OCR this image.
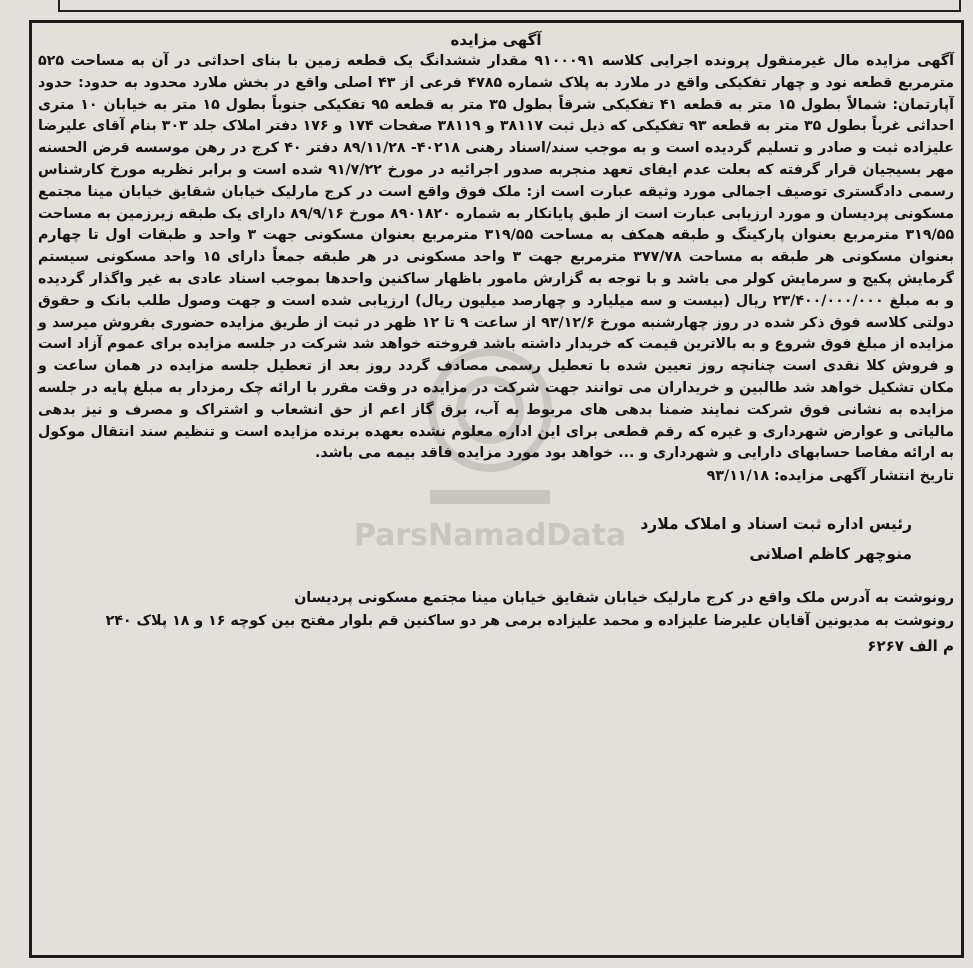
ParsNamadData
آگهی مزایده

آگهی مزایده مال غیرمنقول پرونده اجرایی کلاسه ۹۱۰۰۰۹۱ مقدار ششدانگ یک قطعه زمین با بنای احداثی در آن به مساحت ۵۲۵ مترمربع قطعه نود و چهار تفکیکی واقع در ملارد به پلاک شماره ۴۷۸۵ فرعی از ۴۳ اصلی واقع در بخش ملارد محدود به حدود: حدود آپارتمان: شمالاً بطول ۱۵ متر به قطعه ۴۱ تفکیکی شرقاً بطول ۳۵ متر به قطعه ۹۵ تفکیکی جنوباً بطول ۱۵ متر به خیابان ۱۰ متری احداثی غرباً بطول ۳۵ متر به قطعه ۹۳ تفکیکی که ذیل ثبت ۳۸۱۱۷ و ۳۸۱۱۹ صفحات ۱۷۴ و ۱۷۶ دفتر املاک جلد ۳۰۳ بنام آقای علیرضا علیزاده ثبت و صادر و تسلیم گردیده است و به موجب سند/اسناد رهنی ۴۰۲۱۸- ۸۹/۱۱/۲۸ دفتر ۴۰ کرج در رهن موسسه قرض الحسنه مهر بسیجیان قرار گرفته که بعلت عدم ایفای تعهد منجربه صدور اجرائیه در مورخ ۹۱/۷/۲۲ شده است و برابر نظریه مورخ کارشناس رسمی دادگستری توصیف اجمالی مورد وثیقه عبارت است از: ملک فوق واقع است در کرج مارلیک خیابان شقایق خیابان مینا مجتمع مسکونی پردیسان و مورد ارزیابی عبارت است از طبق پایانکار به شماره ۸۹۰۱۸۲۰ مورخ ۸۹/۹/۱۶ دارای یک طبقه زیرزمین به مساحت ۳۱۹/۵۵ مترمربع بعنوان پارکینگ و طبقه همکف به مساحت ۳۱۹/۵۵ مترمربع بعنوان مسکونی جهت ۳ واحد و طبقات اول تا چهارم بعنوان مسکونی هر طبقه به مساحت ۳۷۷/۷۸ مترمربع جهت ۳ واحد مسکونی در هر طبقه جمعاً دارای ۱۵ واحد مسکونی سیستم گرمایش پکیج و سرمایش کولر می باشد و با توجه به گزارش مامور باظهار ساکنین واحدها بموجب اسناد عادی به غیر واگذار گردیده و به مبلغ ۲۳/۴۰۰/۰۰۰/۰۰۰ ریال (بیست و سه میلیارد و چهارصد میلیون ریال) ارزیابی شده است و جهت وصول طلب بانک و حقوق دولتی کلاسه فوق ذکر شده در روز چهارشنبه مورخ ۹۳/۱۲/۶ از ساعت ۹ تا ۱۲ ظهر در ثبت از طریق مزایده حضوری بفروش میرسد و مزایده از مبلغ فوق شروع و به بالاترین قیمت که خریدار داشته باشد فروخته خواهد شد شرکت در جلسه مزایده برای عموم آزاد است و فروش کلا نقدی است چنانچه روز تعیین شده با تعطیل رسمی مصادف گردد روز بعد از تعطیل جلسه مزایده در همان ساعت و مکان تشکیل خواهد شد طالبین و خریداران می توانند جهت شرکت در مزایده در وقت مقرر با ارائه چک رمزدار به مبلغ پایه در جلسه مزایده به نشانی فوق شرکت نمایند ضمنا بدهی های مربوط به آب، برق گاز اعم از حق انشعاب و اشتراک و مصرف و نیز بدهی مالیاتی و عوارض شهرداری و غیره که رقم قطعی برای این اداره معلوم نشده بعهده برنده مزایده است و تنظیم سند انتقال موکول به ارائه مفاصا حسابهای دارایی و شهرداری و ... خواهد بود مورد مزایده فاقد بیمه می باشد.

تاریخ انتشار آگهی مزایده: ۹۳/۱۱/۱۸

رئیس اداره ثبت اسناد و املاک ملارد
منوچهر کاظم اصلانی
رونوشت به آدرس ملک واقع در کرج مارلیک خیابان شقایق خیابان مینا مجتمع مسکونی پردیسان
رونوشت به مدیونین آقایان علیرضا علیزاده و محمد علیزاده برمی هر دو ساکنین قم بلوار مفتح بین کوچه ۱۶ و ۱۸ پلاک ۲۴۰
م الف ۶۲۶۷
